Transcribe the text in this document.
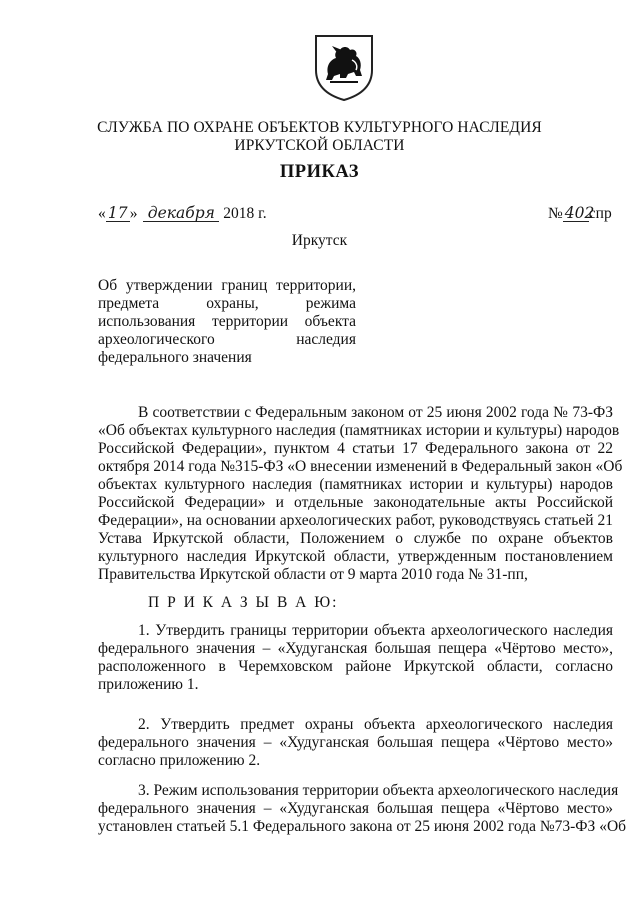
СЛУЖБА ПО ОХРАНЕ ОБЪЕКТОВ КУЛЬТУРНОГО НАСЛЕДИЯ
ИРКУТСКОЙ ОБЛАСТИ
ПРИКАЗ
« 17 » декабря 2018 г.	№ 402спр
Иркутск
Об утверждении границ территории,
предмета охраны, режима
использования территории объекта
археологического наследия
федерального значения
В соответствии с Федеральным законом от 25 июня 2002 года № 73-ФЗ
«Об объектах культурного наследия (памятниках истории и культуры) народов
Российской Федерации», пунктом 4 статьи 17 Федерального закона от 22
октября 2014 года №315-ФЗ «О внесении изменений в Федеральный закон «Об
объектах культурного наследия (памятниках истории и культуры) народов
Российской Федерации» и отдельные законодательные акты Российской
Федерации», на основании археологических работ, руководствуясь статьей 21
Устава Иркутской области, Положением о службе по охране объектов
культурного наследия Иркутской области, утвержденным постановлением
Правительства Иркутской области от 9 марта 2010 года № 31-пп,
П Р И К А З Ы В А Ю:
1. Утвердить границы территории объекта археологического наследия
федерального значения – «Худуганская большая пещера «Чёртово место»,
расположенного в Черемховском районе Иркутской области, согласно
приложению 1.
2. Утвердить предмет охраны объекта археологического наследия
федерального значения – «Худуганская большая пещера «Чёртово место»
согласно приложению 2.
3. Режим использования территории объекта археологического наследия
федерального значения – «Худуганская большая пещера «Чёртово место»
установлен статьей 5.1 Федерального закона от 25 июня 2002 года №73-ФЗ «Об
